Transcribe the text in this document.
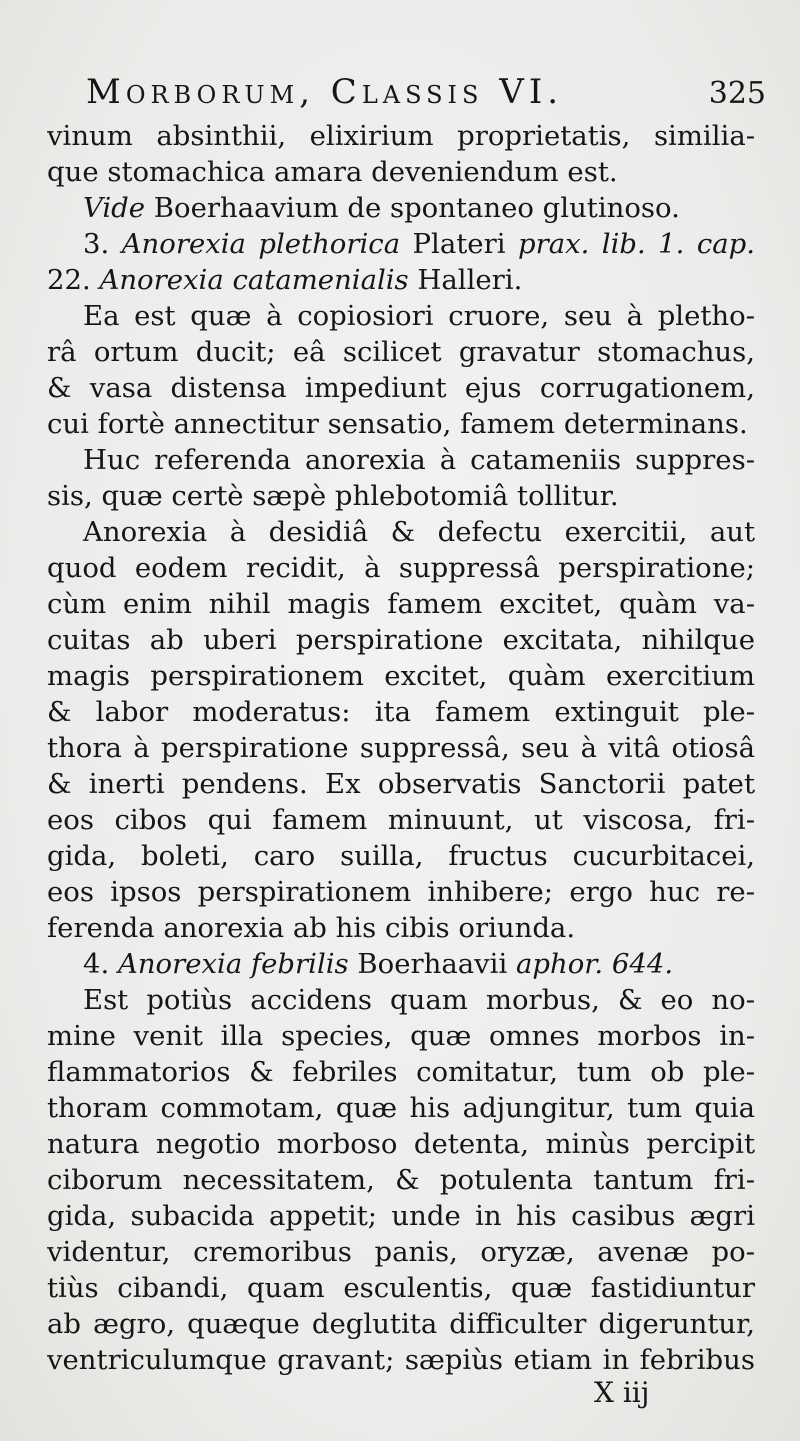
Morborum, Classis VI.	325
vinum absinthii, elixirium proprietatis, similia-
que stomachica amara deveniendum est.
Vide Boerhaavium de spontaneo glutinoso.
3. Anorexia plethorica Plateri prax. lib. 1. cap.
22. Anorexia catamenialis Halleri.
Ea est quæ à copiosiori cruore, seu à pletho-
râ ortum ducit; eâ scilicet gravatur stomachus,
& vasa distensa impediunt ejus corrugationem,
cui fortè annectitur sensatio, famem determinans.
Huc referenda anorexia à catameniis suppres-
sis, quæ certè sæpè phlebotomiâ tollitur.
Anorexia à desidiâ & defectu exercitii, aut
quod eodem recidit, à suppressâ perspiratione;
cùm enim nihil magis famem excitet, quàm va-
cuitas ab uberi perspiratione excitata, nihilque
magis perspirationem excitet, quàm exercitium
& labor moderatus: ita famem extinguit ple-
thora à perspiratione suppressâ, seu à vitâ otiosâ
& inerti pendens. Ex observatis Sanctorii patet
eos cibos qui famem minuunt, ut viscosa, fri-
gida, boleti, caro suilla, fructus cucurbitacei,
eos ipsos perspirationem inhibere; ergo huc re-
ferenda anorexia ab his cibis oriunda.
4. Anorexia febrilis Boerhaavii aphor. 644.
Est potiùs accidens quam morbus, & eo no-
mine venit illa species, quæ omnes morbos in-
flammatorios & febriles comitatur, tum ob ple-
thoram commotam, quæ his adjungitur, tum quia
natura negotio morboso detenta, minùs percipit
ciborum necessitatem, & potulenta tantum fri-
gida, subacida appetit; unde in his casibus ægri
videntur, cremoribus panis, oryzæ, avenæ po-
tiùs cibandi, quam esculentis, quæ fastidiuntur
ab ægro, quæque deglutita difficulter digeruntur,
ventriculumque gravant; sæpiùs etiam in febribus
X iij
